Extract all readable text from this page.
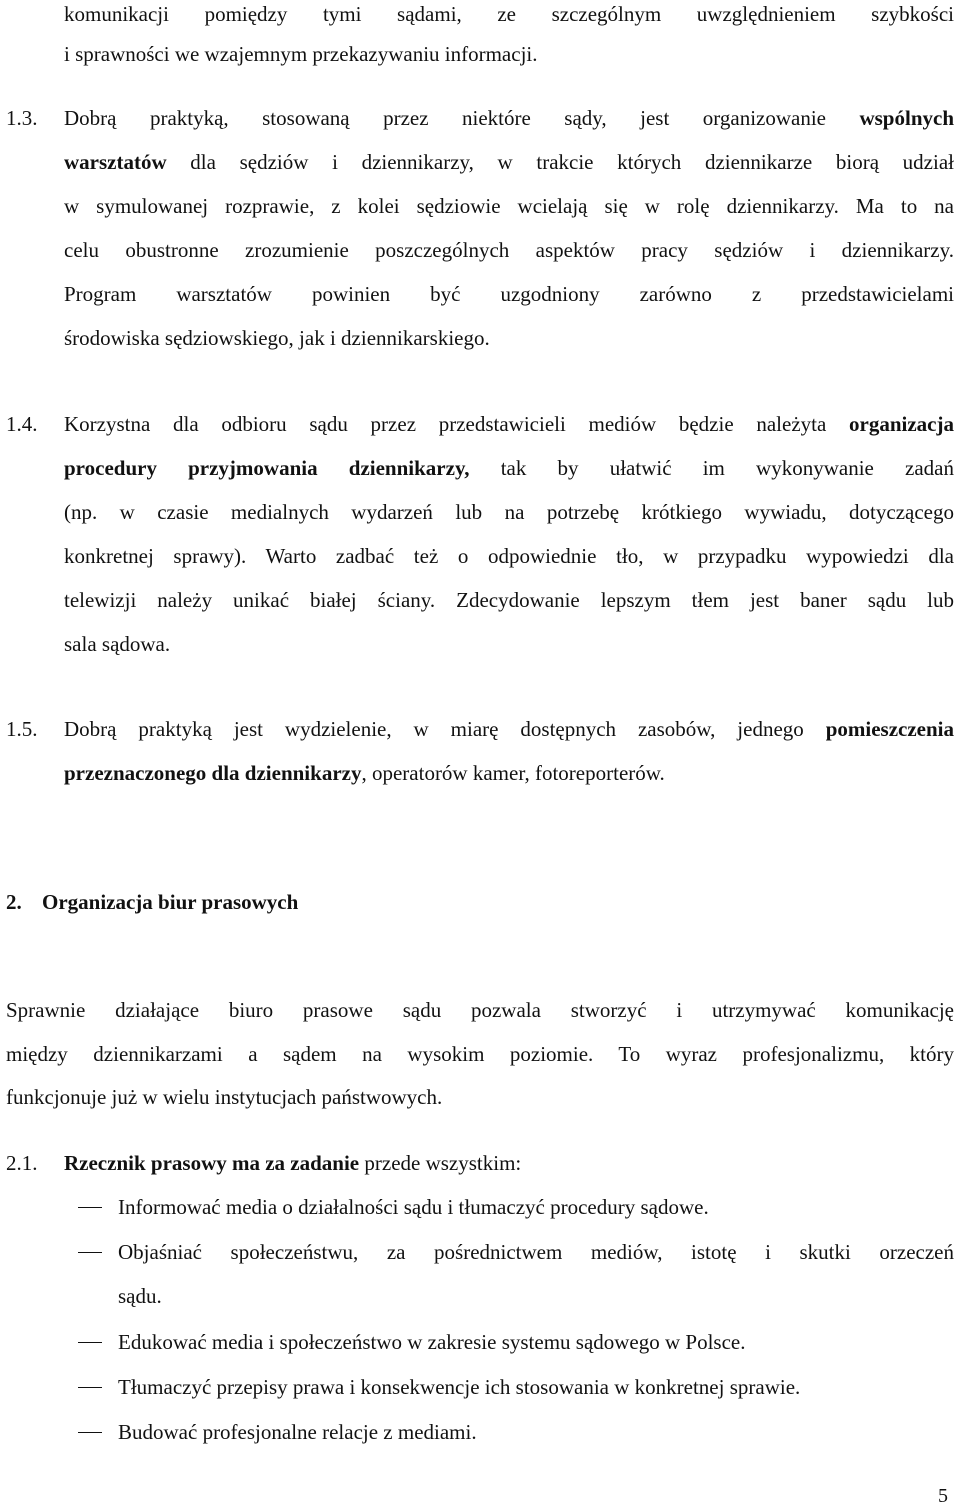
komunikacji pomiędzy tymi sądami, ze szczególnym uwzględnieniem szybkości
i sprawności we wzajemnym przekazywaniu informacji.
1.3. Dobrą praktyką, stosowaną przez niektóre sądy, jest organizowanie wspólnych
warsztatów dla sędziów i dziennikarzy, w trakcie których dziennikarze biorą udział
w symulowanej rozprawie, z kolei sędziowie wcielają się w rolę dziennikarzy. Ma to na
celu obustronne zrozumienie poszczególnych aspektów pracy sędziów i dziennikarzy.
Program warsztatów powinien być uzgodniony zarówno z przedstawicielami
środowiska sędziowskiego, jak i dziennikarskiego.
1.4. Korzystna dla odbioru sądu przez przedstawicieli mediów będzie należyta organizacja
procedury przyjmowania dziennikarzy, tak by ułatwić im wykonywanie zadań
(np. w czasie medialnych wydarzeń lub na potrzebę krótkiego wywiadu, dotyczącego
konkretnej sprawy). Warto zadbać też o odpowiednie tło, w przypadku wypowiedzi dla
telewizji należy unikać białej ściany. Zdecydowanie lepszym tłem jest baner sądu lub
sala sądowa.
1.5. Dobrą praktyką jest wydzielenie, w miarę dostępnych zasobów, jednego pomieszczenia
przeznaczonego dla dziennikarzy, operatorów kamer, fotoreporterów.
2. Organizacja biur prasowych
Sprawnie działające biuro prasowe sądu pozwala stworzyć i utrzymywać komunikację
między dziennikarzami a sądem na wysokim poziomie. To wyraz profesjonalizmu, który
funkcjonuje już w wielu instytucjach państwowych.
2.1. Rzecznik prasowy ma za zadanie przede wszystkim:
Informować media o działalności sądu i tłumaczyć procedury sądowe.
Objaśniać społeczeństwu, za pośrednictwem mediów, istotę i skutki orzeczeń
sądu.
Edukować media i społeczeństwo w zakresie systemu sądowego w Polsce.
Tłumaczyć przepisy prawa i konsekwencje ich stosowania w konkretnej sprawie.
Budować profesjonalne relacje z mediami.
5
